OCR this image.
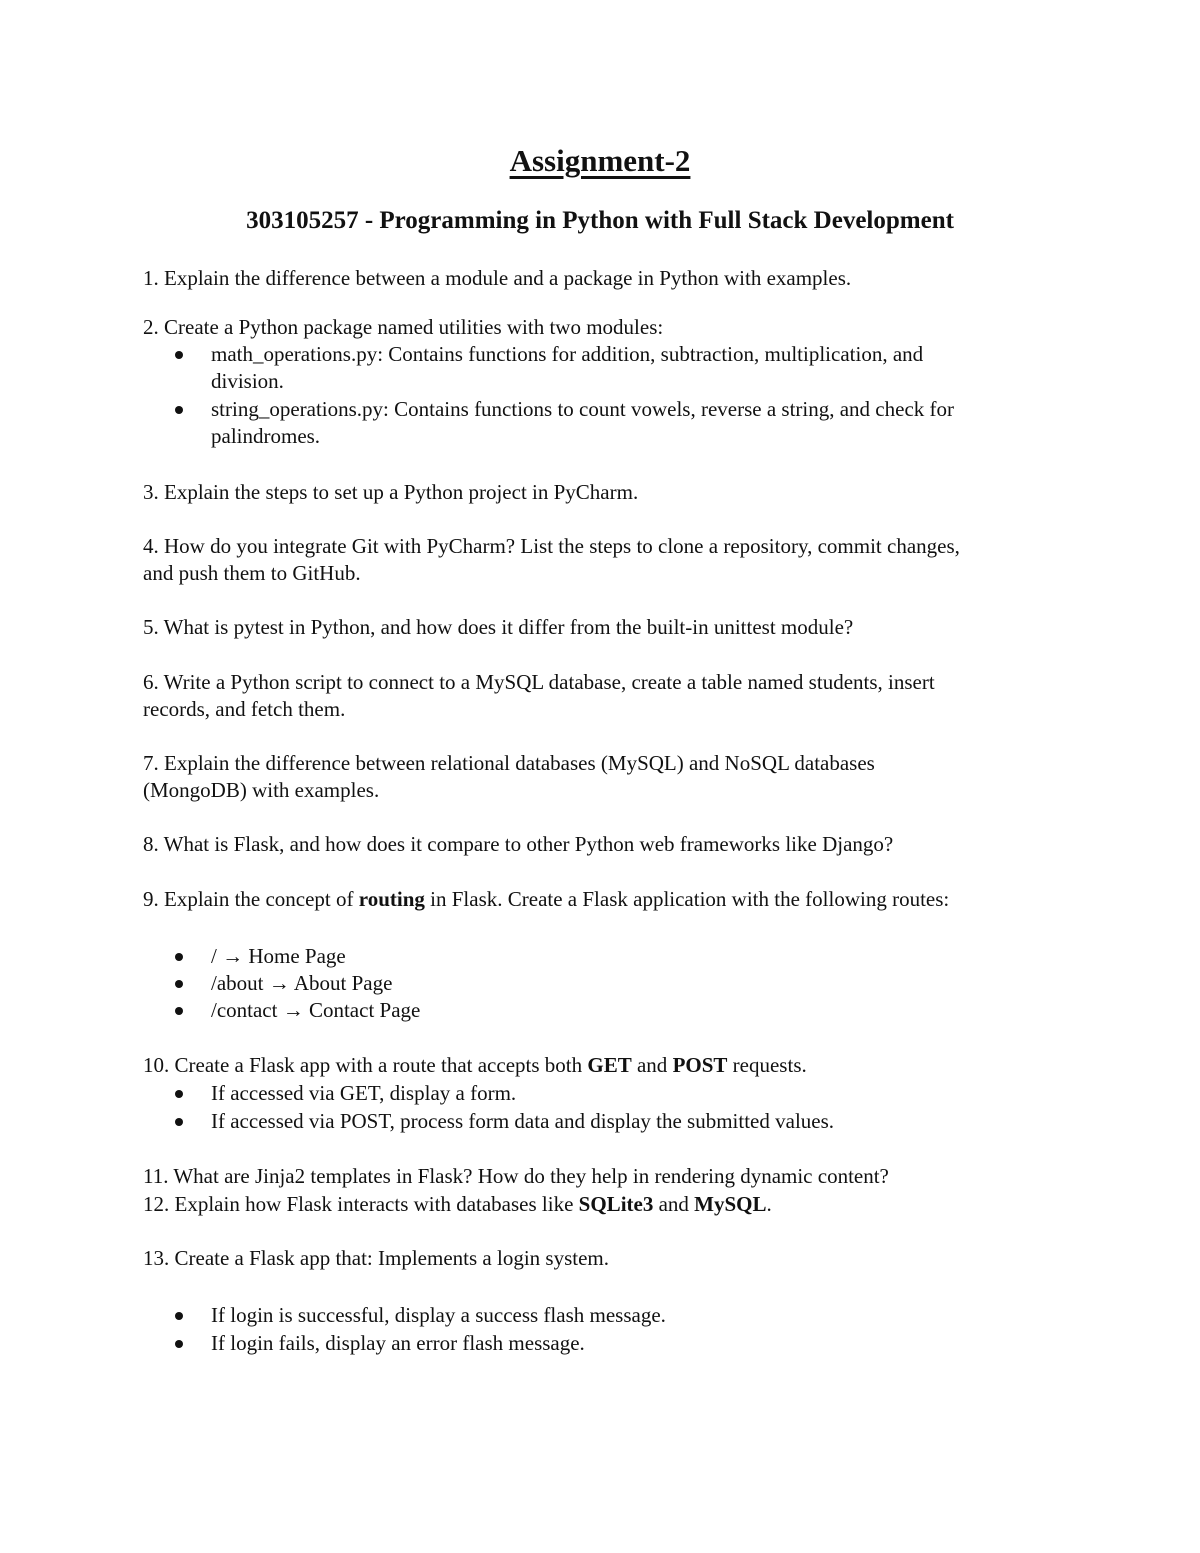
Assignment-2
303105257 - Programming in Python with Full Stack Development
1. Explain the difference between a module and a package in Python with examples.
2. Create a Python package named utilities with two modules:
math_operations.py: Contains functions for addition, subtraction, multiplication, and
division.
string_operations.py: Contains functions to count vowels, reverse a string, and check for
palindromes.
3. Explain the steps to set up a Python project in PyCharm.
4. How do you integrate Git with PyCharm? List the steps to clone a repository, commit changes,
and push them to GitHub.
5. What is pytest in Python, and how does it differ from the built-in unittest module?
6. Write a Python script to connect to a MySQL database, create a table named students, insert
records, and fetch them.
7. Explain the difference between relational databases (MySQL) and NoSQL databases
(MongoDB) with examples.
8. What is Flask, and how does it compare to other Python web frameworks like Django?
9. Explain the concept of routing in Flask. Create a Flask application with the following routes:
/ → Home Page
/about → About Page
/contact → Contact Page
10. Create a Flask app with a route that accepts both GET and POST requests.
If accessed via GET, display a form.
If accessed via POST, process form data and display the submitted values.
11. What are Jinja2 templates in Flask? How do they help in rendering dynamic content?
12. Explain how Flask interacts with databases like SQLite3 and MySQL.
13. Create a Flask app that: Implements a login system.
If login is successful, display a success flash message.
If login fails, display an error flash message.
